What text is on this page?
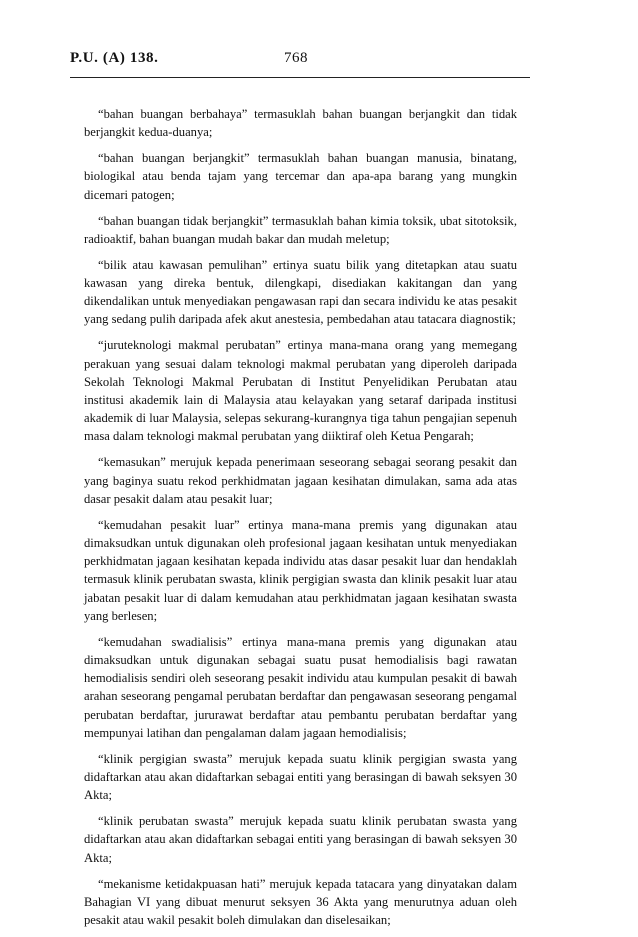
P.U. (A) 138.	768

“bahan buangan berbahaya” termasuklah bahan buangan berjangkit dan tidak berjangkit kedua-duanya;

“bahan buangan berjangkit” termasuklah bahan buangan manusia, binatang, biologikal atau benda tajam yang tercemar dan apa-apa barang yang mungkin dicemari patogen;

“bahan buangan tidak berjangkit” termasuklah bahan kimia toksik, ubat sitotoksik, radioaktif, bahan buangan mudah bakar dan mudah meletup;

“bilik atau kawasan pemulihan” ertinya suatu bilik yang ditetapkan atau suatu kawasan yang direka bentuk, dilengkapi, disediakan kakitangan dan yang dikendalikan untuk menyediakan pengawasan rapi dan secara individu ke atas pesakit yang sedang pulih daripada afek akut anestesia, pembedahan atau tatacara diagnostik;

“juruteknologi makmal perubatan” ertinya mana-mana orang yang memegang perakuan yang sesuai dalam teknologi makmal perubatan yang diperoleh daripada Sekolah Teknologi Makmal Perubatan di Institut Penyelidikan Perubatan atau institusi akademik lain di Malaysia atau kelayakan yang setaraf daripada institusi akademik di luar Malaysia, selepas sekurang-kurangnya tiga tahun pengajian sepenuh masa dalam teknologi makmal perubatan yang diiktiraf oleh Ketua Pengarah;

“kemasukan” merujuk kepada penerimaan seseorang sebagai seorang pesakit dan yang baginya suatu rekod perkhidmatan jagaan kesihatan dimulakan, sama ada atas dasar pesakit dalam atau pesakit luar;

“kemudahan pesakit luar” ertinya mana-mana premis yang digunakan atau dimaksudkan untuk digunakan oleh profesional jagaan kesihatan untuk menyediakan perkhidmatan jagaan kesihatan kepada individu atas dasar pesakit luar dan hendaklah termasuk klinik perubatan swasta, klinik pergigian swasta dan klinik pesakit luar atau jabatan pesakit luar di dalam kemudahan atau perkhidmatan jagaan kesihatan swasta yang berlesen;

“kemudahan swadialisis” ertinya mana-mana premis yang digunakan atau dimaksudkan untuk digunakan sebagai suatu pusat hemodialisis bagi rawatan hemodialisis sendiri oleh seseorang pesakit individu atau kumpulan pesakit di bawah arahan seseorang pengamal perubatan berdaftar dan pengawasan seseorang pengamal perubatan berdaftar, jururawat berdaftar atau pembantu perubatan berdaftar yang mempunyai latihan dan pengalaman dalam jagaan hemodialisis;

“klinik pergigian swasta” merujuk kepada suatu klinik pergigian swasta yang didaftarkan atau akan didaftarkan sebagai entiti yang berasingan di bawah seksyen 30 Akta;

“klinik perubatan swasta” merujuk kepada suatu klinik perubatan swasta yang didaftarkan atau akan didaftarkan sebagai entiti yang berasingan di bawah seksyen 30 Akta;

“mekanisme ketidakpuasan hati” merujuk kepada tatacara yang dinyatakan dalam Bahagian VI yang dibuat menurut seksyen 36 Akta yang menurutnya aduan oleh pesakit atau wakil pesakit boleh dimulakan dan diselesaikan;
